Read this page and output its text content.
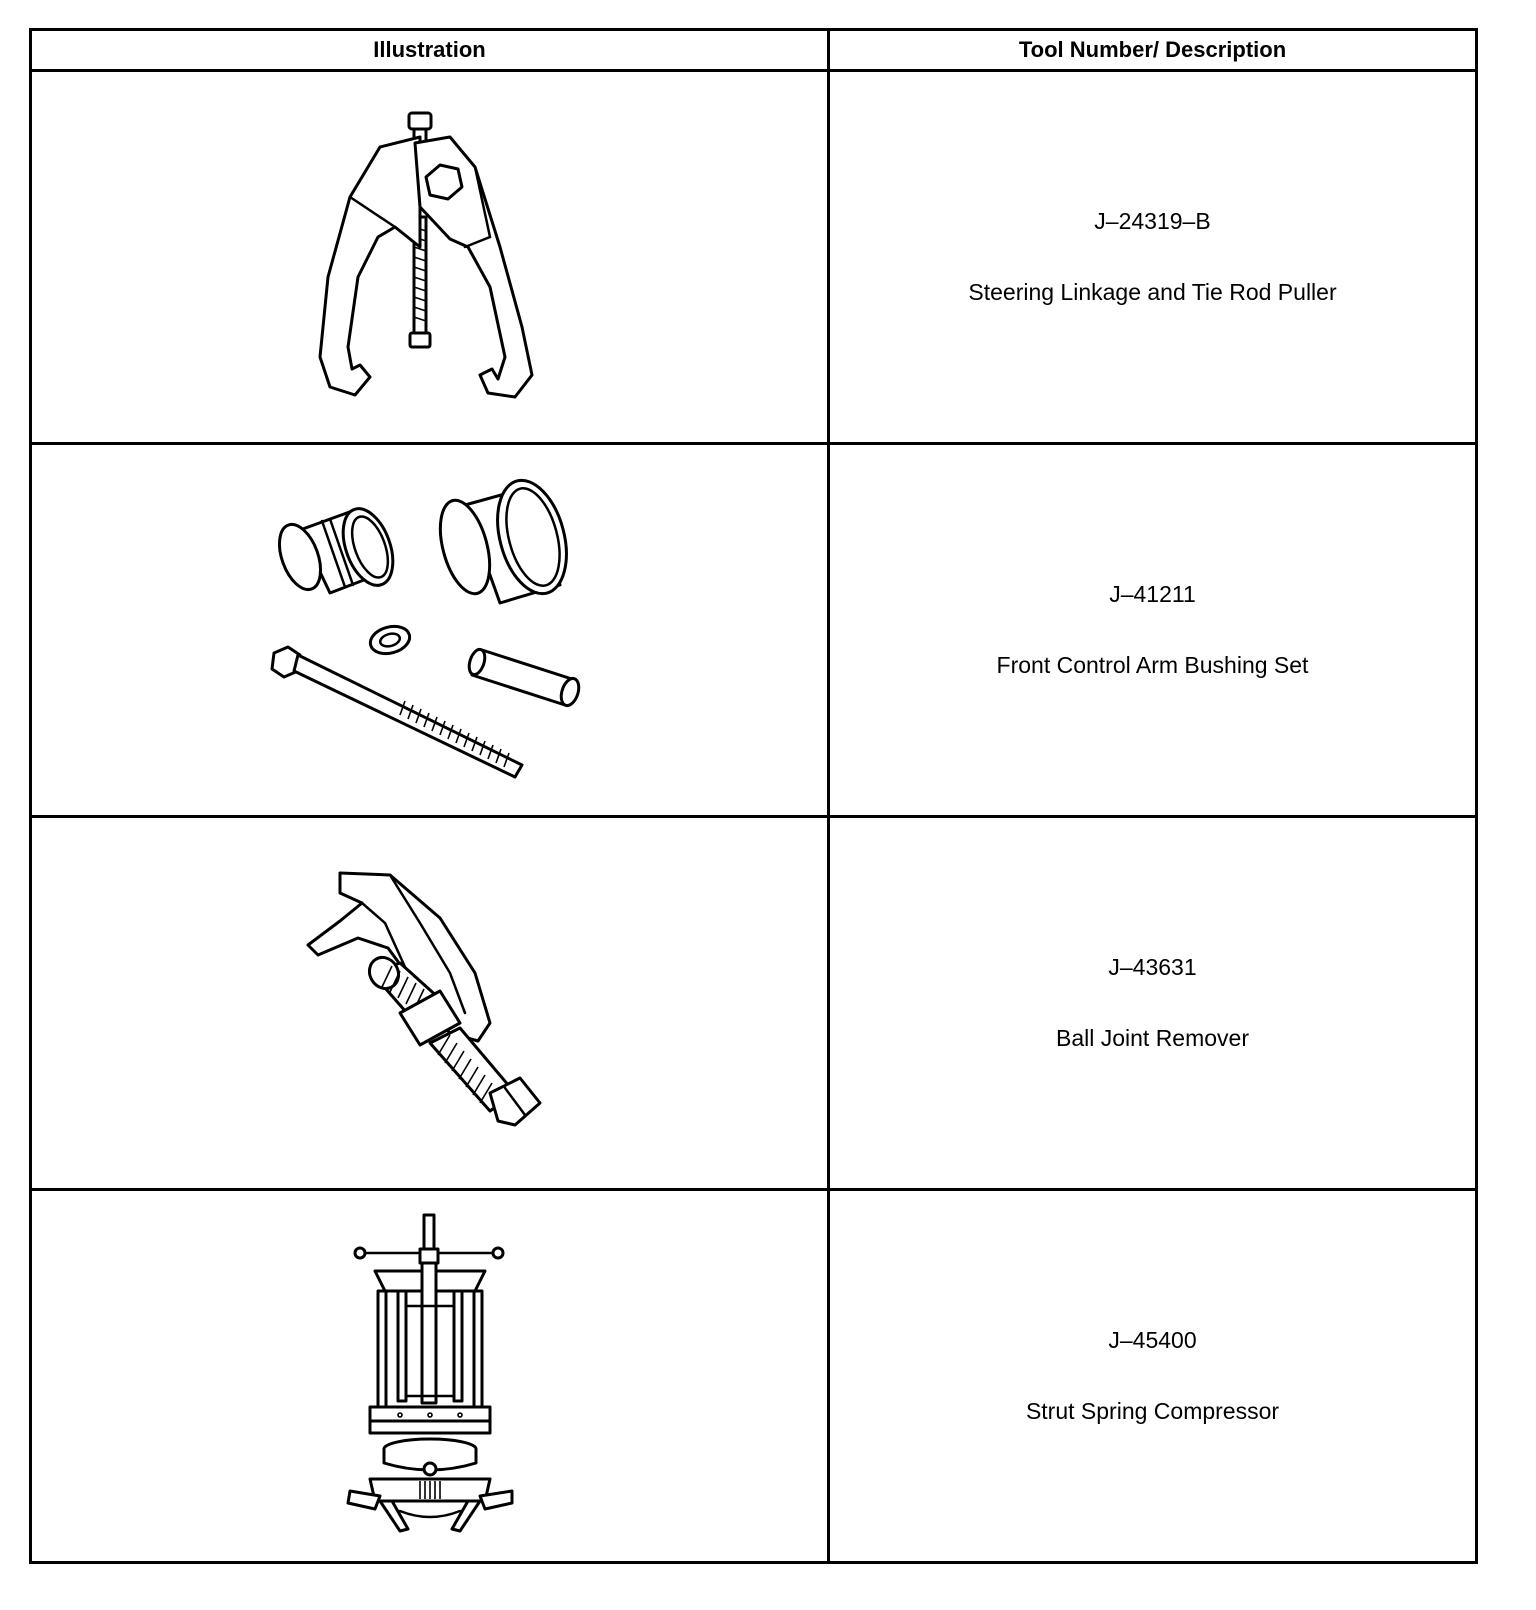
Illustration	Tool Number/ Description

J–24319–B
Steering Linkage and Tie Rod Puller

J–41211
Front Control Arm Bushing Set

J–43631
Ball Joint Remover

J–45400
Strut Spring Compressor
